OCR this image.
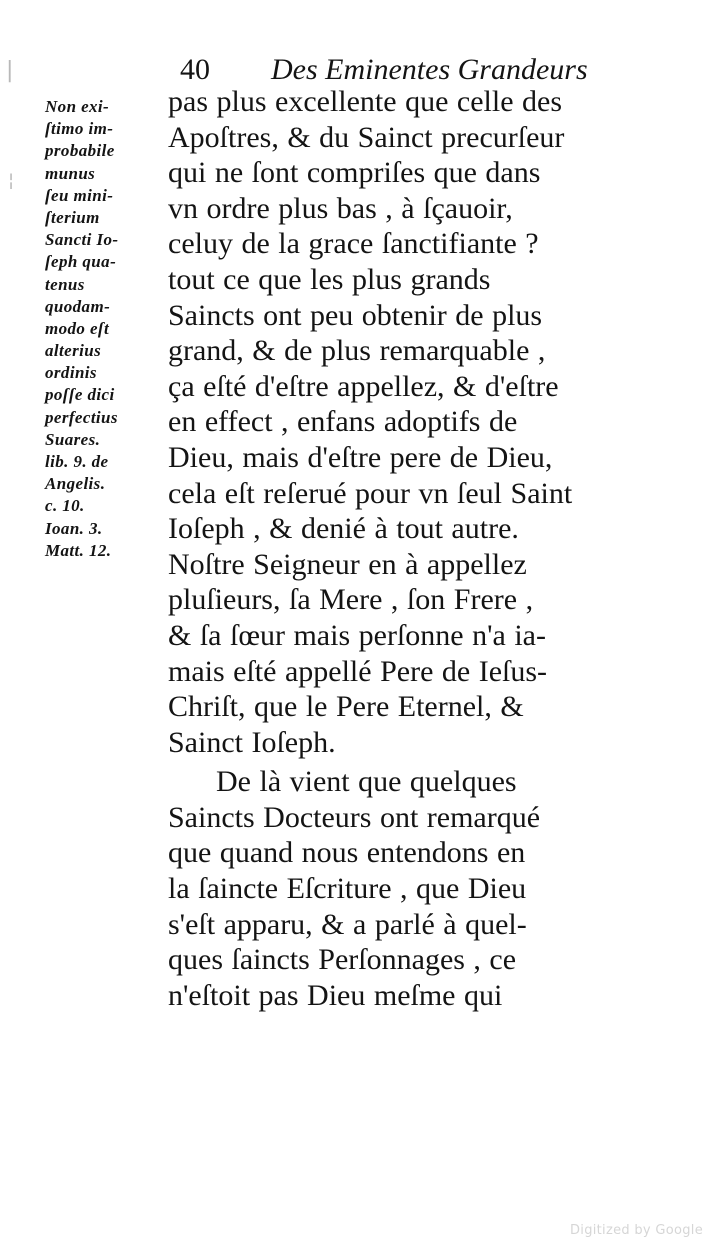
|
¦
40 Des Eminentes Grandeurs
Non exi-
ſtimo im-
probabile
munus
ſeu mini-
ſterium
Sancti Io-
ſeph qua-
tenus
quodam-
modo eſt
alterius
ordinis
poſſe dici
perfectius
Suares.
lib. 9. de
Angelis.
c. 10.
Ioan. 3.
Matt. 12.
pas plus excellente que celle des
Apoſtres, & du Sainct precurſeur
qui ne ſont compriſes que dans
vn ordre plus bas , à ſçauoir,
celuy de la grace ſanctifiante ?
tout ce que les plus grands
Saincts ont peu obtenir de plus
grand, & de plus remarquable ,
ça eſté d'eſtre appellez, & d'eſtre
en effect , enfans adoptifs de
Dieu, mais d'eſtre pere de Dieu,
cela eſt reſerué pour vn ſeul Saint
Ioſeph , & denié à tout autre.
Noſtre Seigneur en à appellez
pluſieurs, ſa Mere , ſon Frere ,
& ſa ſœur mais perſonne n'a ia-
mais eſté appellé Pere de Ieſus-
Chriſt, que le Pere Eternel, &
Sainct Ioſeph.
De là vient que quelques
Saincts Docteurs ont remarqué
que quand nous entendons en
la ſaincte Eſcriture , que Dieu
s'eſt apparu, & a parlé à quel-
ques ſaincts Perſonnages , ce
n'eſtoit pas Dieu meſme qui
Digitized by Google
